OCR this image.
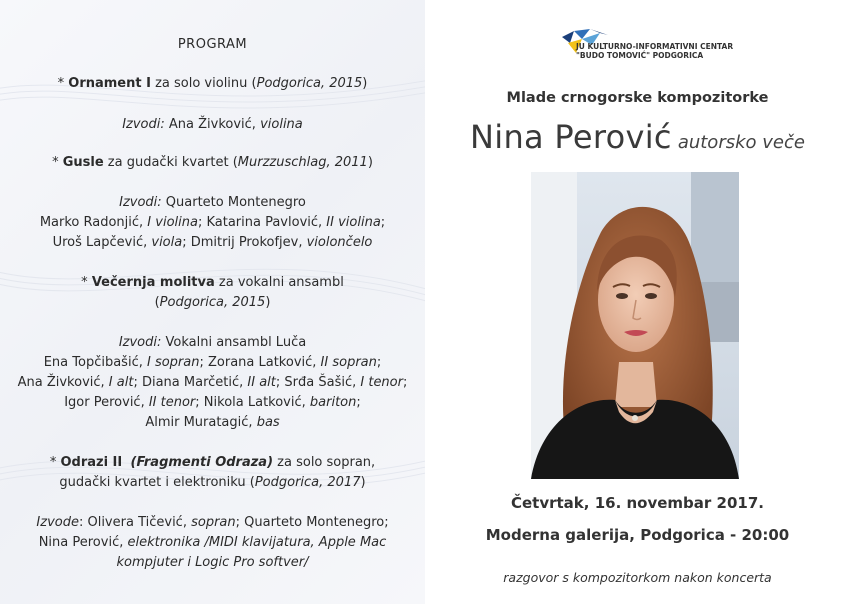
PROGRAM
* Ornament I za solo violinu (Podgorica, 2015)
Izvodi: Ana Živković, violina
* Gusle za gudački kvartet (Murzzuschlag, 2011)
Izvodi: Quarteto Montenegro
Marko Radonjić, I violina; Katarina Pavlović, II violina;
Uroš Lapčević, viola; Dmitrij Prokofjev, violončelo
* Večernja molitva za vokalni ansambl
(Podgorica, 2015)
Izvodi: Vokalni ansambl Luča
Ena Topčibašić, I sopran; Zorana Latković, II sopran;
Ana Živković, I alt; Diana Marčetić, II alt; Srđa Šašić, I tenor;
Igor Perović, II tenor; Nikola Latković, bariton;
Almir Muratagić, bas
* Odrazi II (Fragmenti Odraza) za solo sopran,
gudački kvartet i elektroniku (Podgorica, 2017)
Izvode: Olivera Tičević, sopran; Quarteto Montenegro;
Nina Perović, elektronika /MIDI klavijatura, Apple Mac
kompjuter i Logic Pro softver/
JU KULTURNO-INFORMATIVNI CENTAR
"BUDO TOMOVIĆ" PODGORICA
Mlade crnogorske kompozitorke
Nina Perović autorsko veče
Četvrtak, 16. novembar 2017.
Moderna galerija, Podgorica - 20:00
razgovor s kompozitorkom nakon koncerta
